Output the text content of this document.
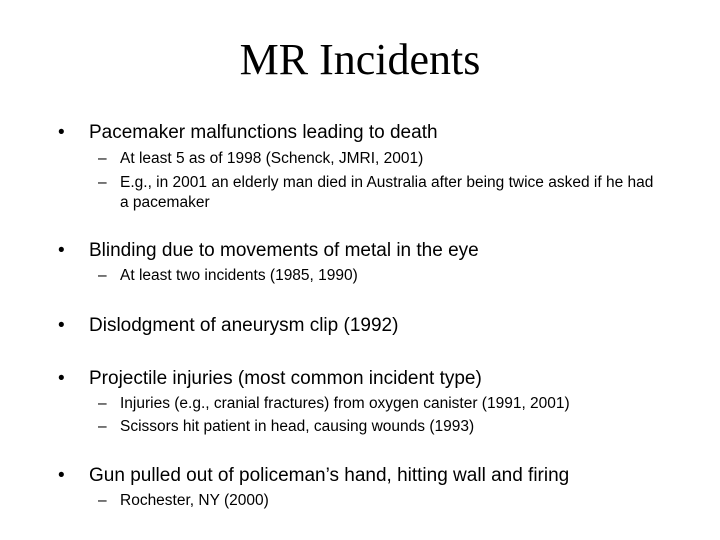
MR Incidents
• Pacemaker malfunctions leading to death
– At least 5 as of 1998 (Schenck, JMRI, 2001)
– E.g., in 2001 an elderly man died in Australia after being twice asked if he had a pacemaker
• Blinding due to movements of metal in the eye
– At least two incidents (1985, 1990)
• Dislodgment of aneurysm clip (1992)
• Projectile injuries (most common incident type)
– Injuries (e.g., cranial fractures) from oxygen canister (1991, 2001)
– Scissors hit patient in head, causing wounds (1993)
• Gun pulled out of policeman’s hand, hitting wall and firing
– Rochester, NY (2000)
